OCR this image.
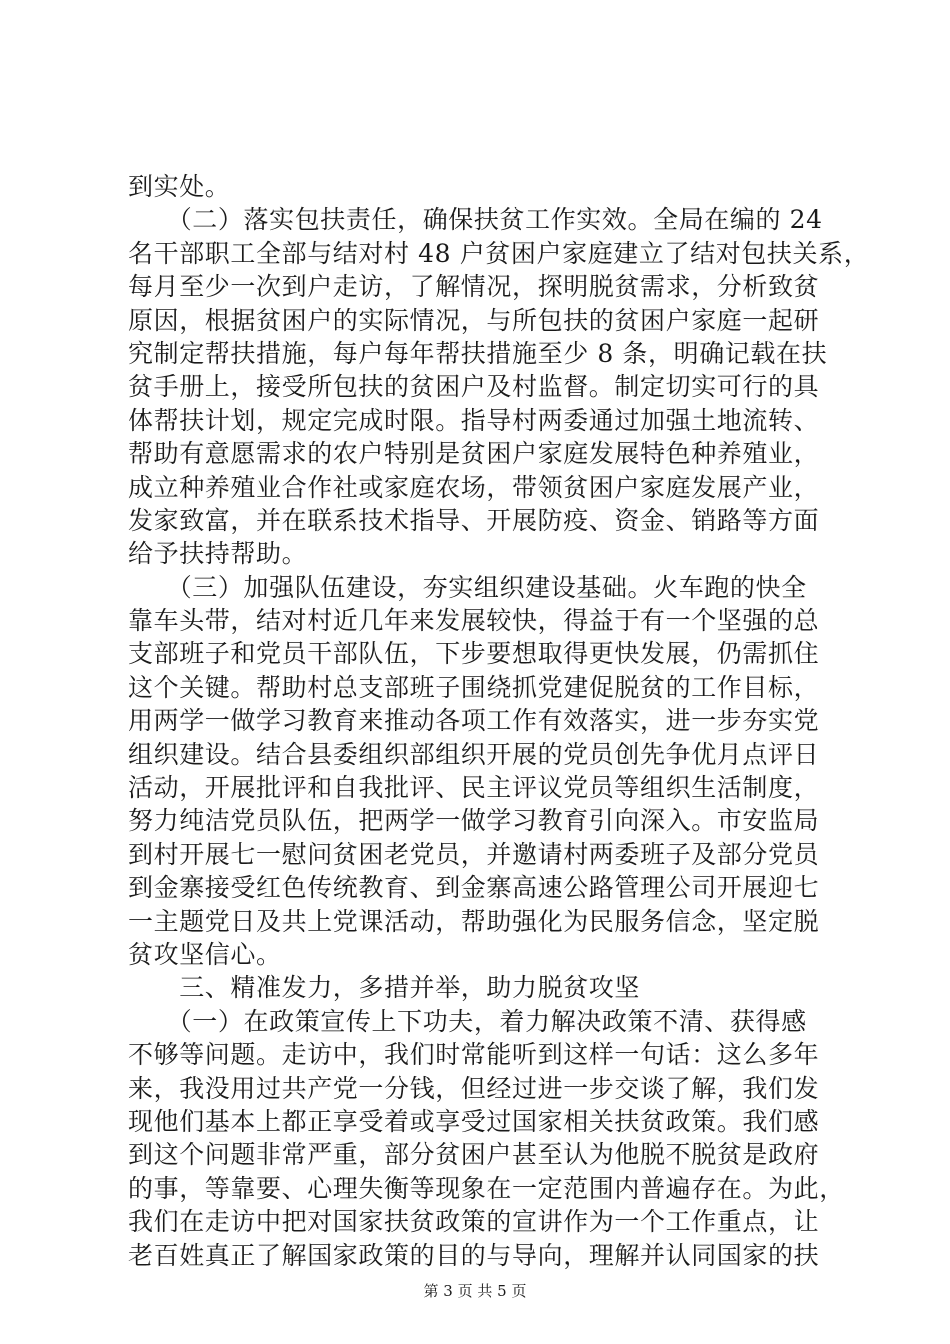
到实处。
　　（二）落实包扶责任，确保扶贫工作实效。全局在编的 24
名干部职工全部与结对村 48 户贫困户家庭建立了结对包扶关系，
每月至少一次到户走访，了解情况，探明脱贫需求，分析致贫
原因，根据贫困户的实际情况，与所包扶的贫困户家庭一起研
究制定帮扶措施，每户每年帮扶措施至少 8 条，明确记载在扶
贫手册上，接受所包扶的贫困户及村监督。制定切实可行的具
体帮扶计划，规定完成时限。指导村两委通过加强土地流转、
帮助有意愿需求的农户特别是贫困户家庭发展特色种养殖业，
成立种养殖业合作社或家庭农场，带领贫困户家庭发展产业，
发家致富，并在联系技术指导、开展防疫、资金、销路等方面
给予扶持帮助。
　　（三）加强队伍建设，夯实组织建设基础。火车跑的快全
靠车头带，结对村近几年来发展较快，得益于有一个坚强的总
支部班子和党员干部队伍，下步要想取得更快发展，仍需抓住
这个关键。帮助村总支部班子围绕抓党建促脱贫的工作目标，
用两学一做学习教育来推动各项工作有效落实，进一步夯实党
组织建设。结合县委组织部组织开展的党员创先争优月点评日
活动，开展批评和自我批评、民主评议党员等组织生活制度，
努力纯洁党员队伍，把两学一做学习教育引向深入。市安监局
到村开展七一慰问贫困老党员，并邀请村两委班子及部分党员
到金寨接受红色传统教育、到金寨高速公路管理公司开展迎七
一主题党日及共上党课活动，帮助强化为民服务信念，坚定脱
贫攻坚信心。
　　三、精准发力，多措并举，助力脱贫攻坚
　　（一）在政策宣传上下功夫，着力解决政策不清、获得感
不够等问题。走访中，我们时常能听到这样一句话：这么多年
来，我没用过共产党一分钱，但经过进一步交谈了解，我们发
现他们基本上都正享受着或享受过国家相关扶贫政策。我们感
到这个问题非常严重，部分贫困户甚至认为他脱不脱贫是政府
的事，等靠要、心理失衡等现象在一定范围内普遍存在。为此，
我们在走访中把对国家扶贫政策的宣讲作为一个工作重点，让
老百姓真正了解国家政策的目的与导向，理解并认同国家的扶
第 3 页 共 5 页
